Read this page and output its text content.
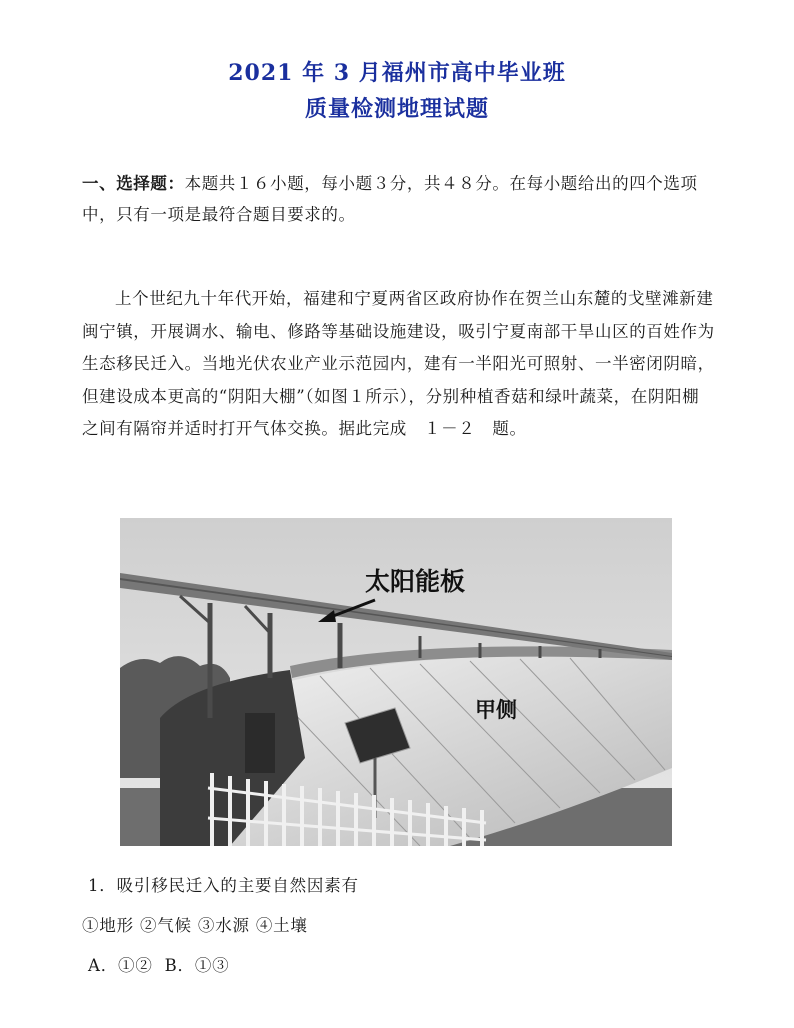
2021 年 3 月福州市高中毕业班
质量检测地理试题
一、选择题：本题共１６小题，每小题３分，共４８分。在每小题给出的四个选项中，只有一项是最符合题目要求的。
上个世纪九十年代开始，福建和宁夏两省区政府协作在贺兰山东麓的戈壁滩新建闽宁镇，开展调水、输电、修路等基础设施建设，吸引宁夏南部干旱山区的百姓作为生态移民迁入。当地光伏农业产业示范园内，建有一半阳光可照射、一半密闭阴暗，但建设成本更高的“阴阳大棚”（如图１所示），分别种植香菇和绿叶蔬菜，在阴阳棚之间有隔帘并适时打开气体交换。据此完成　１－２　题。
太阳能板
甲侧
1．吸引移民迁入的主要自然因素有
①地形 ②气候 ③水源 ④土壤
A．①② B．①③
